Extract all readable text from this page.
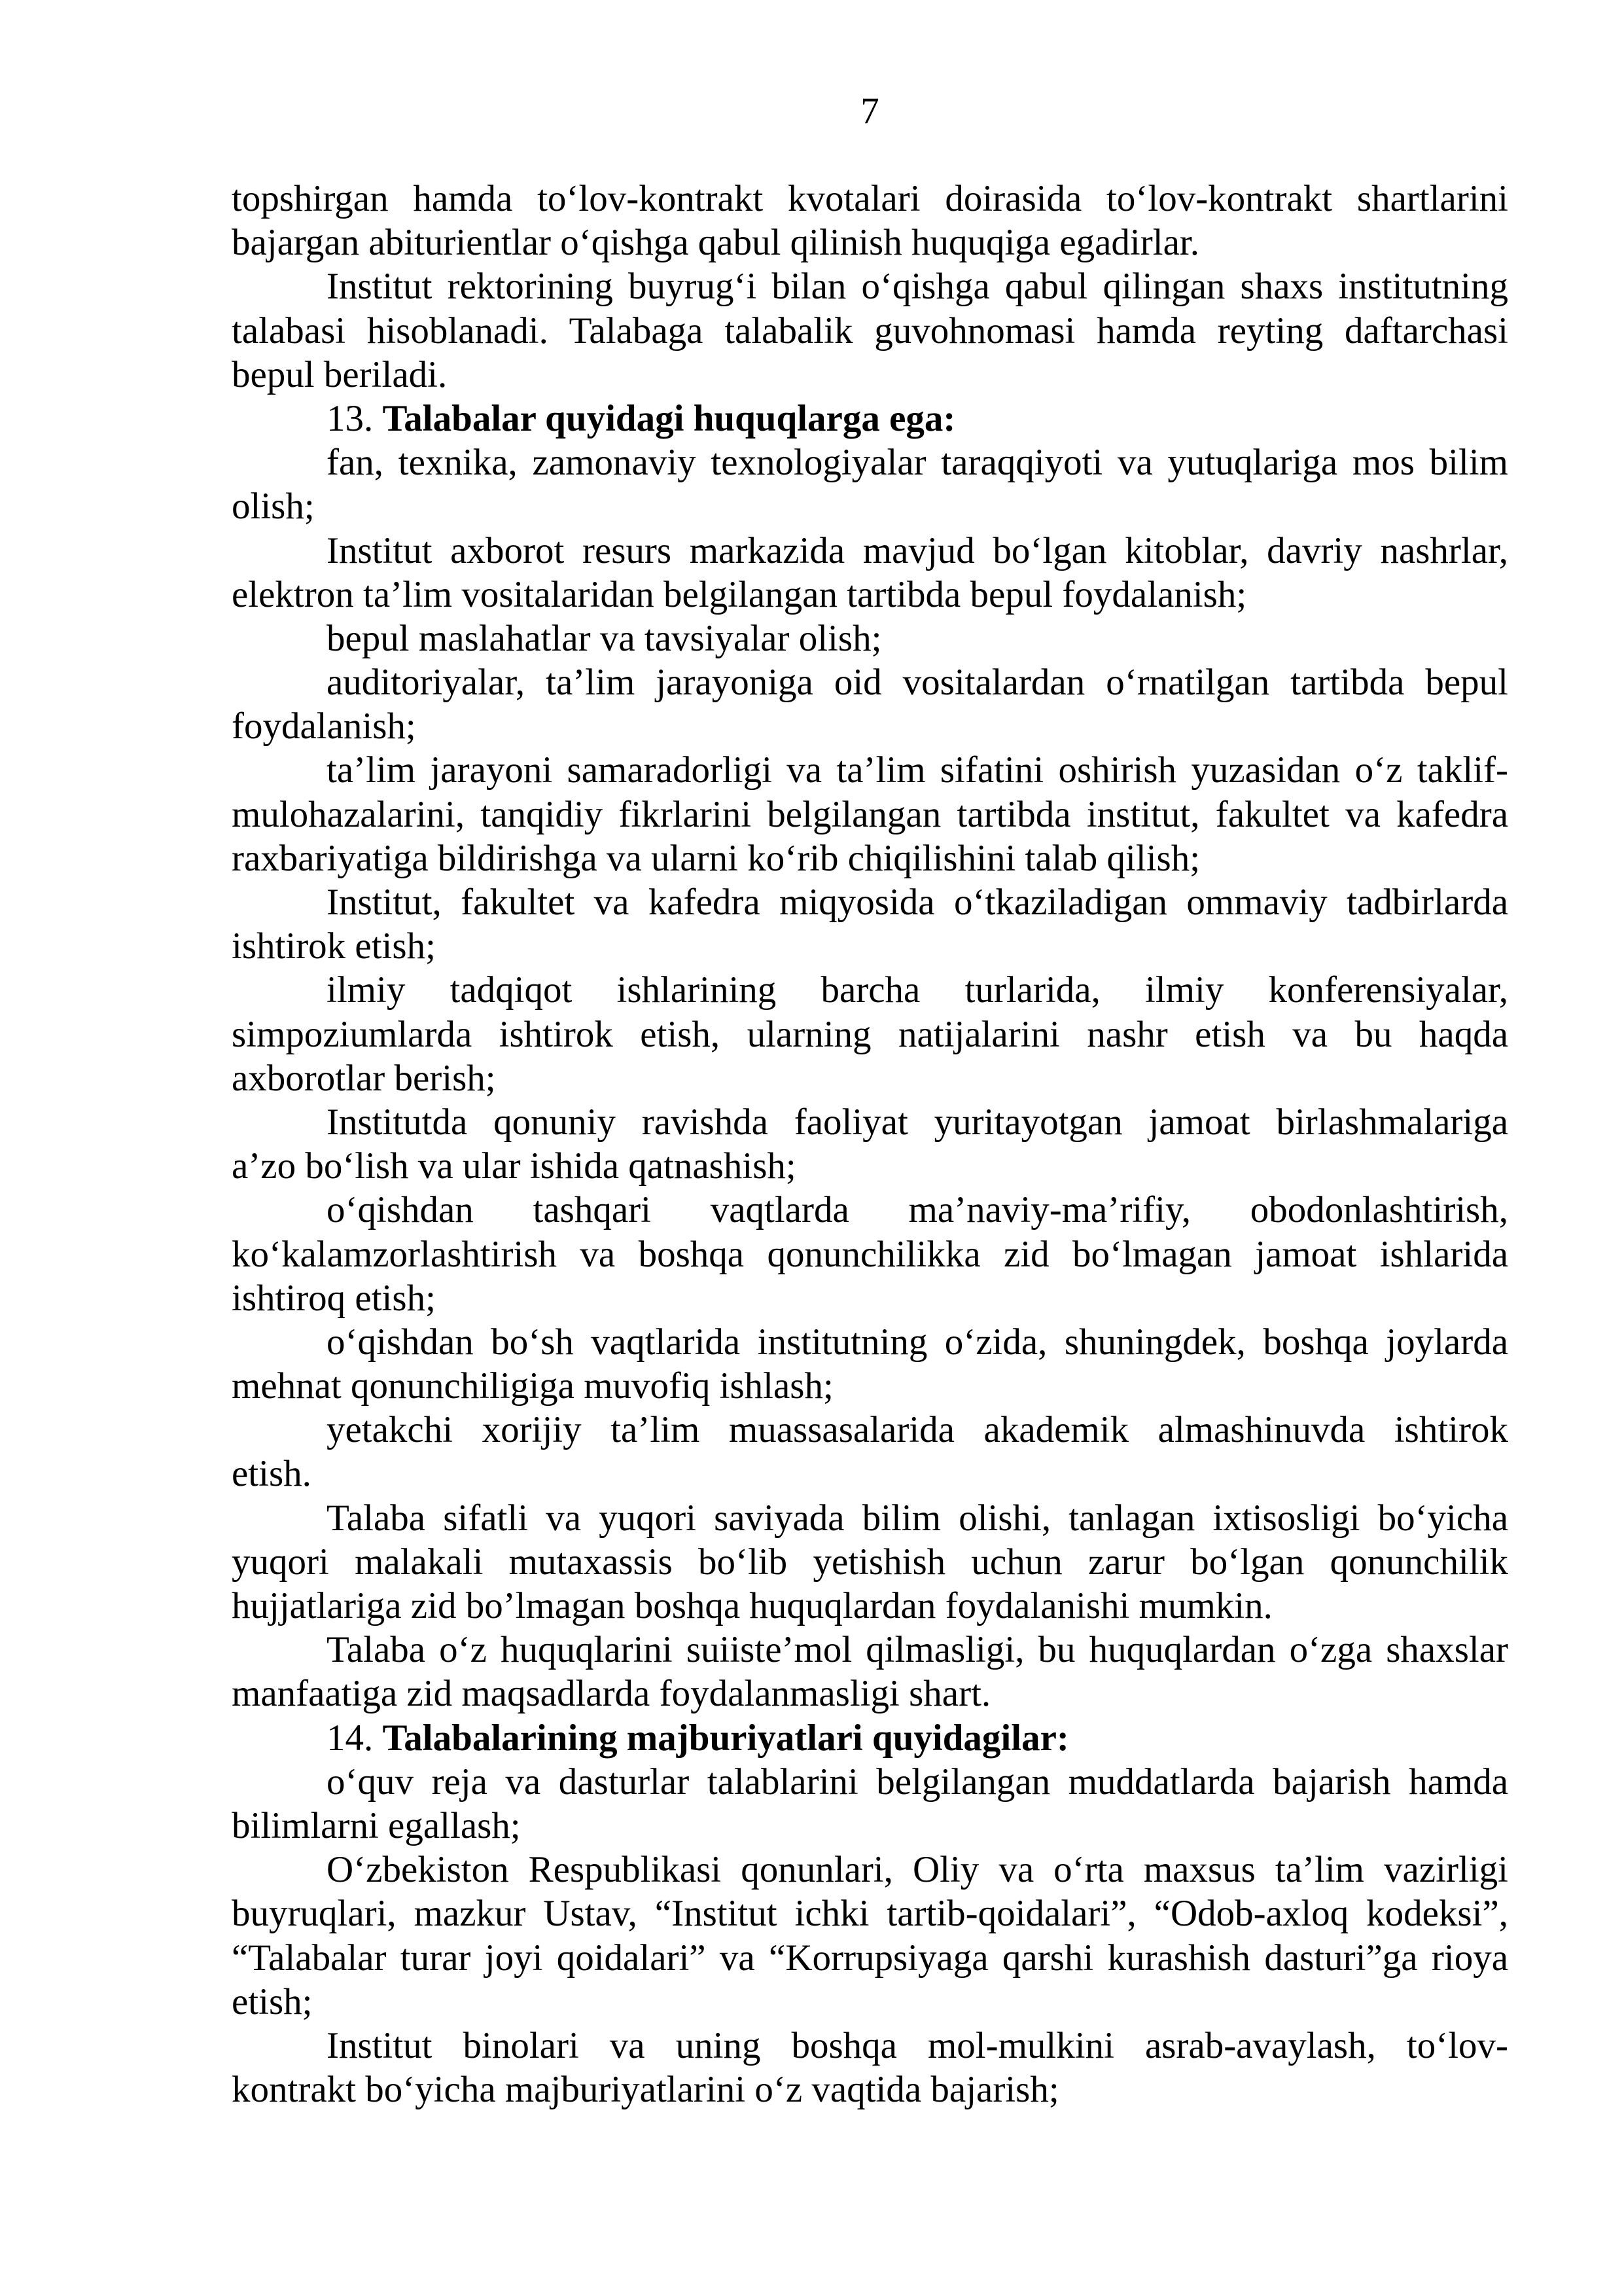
7
topshirgan hamda toʻlov-kontrakt kvotalari doirasida toʻlov-kontrakt shartlarini
bajargan abiturientlar oʻqishga qabul qilinish huquqiga egadirlar.
Institut rektorining buyrugʻi bilan oʻqishga qabul qilingan shaxs institutning
talabasi hisoblanadi. Talabaga talabalik guvohnomasi hamda reyting daftarchasi
bepul beriladi.
13. Talabalar quyidagi huquqlarga ega:
fan, texnika, zamonaviy texnologiyalar taraqqiyoti va yutuqlariga mos bilim
olish;
Institut axborot resurs markazida mavjud boʻlgan kitoblar, davriy nashrlar,
elektron taʼlim vositalaridan belgilangan tartibda bepul foydalanish;
bepul maslahatlar va tavsiyalar olish;
auditoriyalar, taʼlim jarayoniga oid vositalardan oʻrnatilgan tartibda bepul
foydalanish;
taʼlim jarayoni samaradorligi va taʼlim sifatini oshirish yuzasidan oʻz taklif-
mulohazalarini, tanqidiy fikrlarini belgilangan tartibda institut, fakultet va kafedra
raxbariyatiga bildirishga va ularni koʻrib chiqilishini talab qilish;
Institut, fakultet va kafedra miqyosida oʻtkaziladigan ommaviy tadbirlarda
ishtirok etish;
ilmiy tadqiqot ishlarining barcha turlarida, ilmiy konferensiyalar,
simpoziumlarda ishtirok etish, ularning natijalarini nashr etish va bu haqda
axborotlar berish;
Institutda qonuniy ravishda faoliyat yuritayotgan jamoat birlashmalariga
aʼzo boʻlish va ular ishida qatnashish;
oʻqishdan tashqari vaqtlarda maʼnaviy-maʼrifiy, obodonlashtirish,
koʻkalamzorlashtirish va boshqa qonunchilikka zid boʻlmagan jamoat ishlarida
ishtiroq etish;
oʻqishdan boʻsh vaqtlarida institutning oʻzida, shuningdek, boshqa joylarda
mehnat qonunchiligiga muvofiq ishlash;
yetakchi xorijiy taʼlim muassasalarida akademik almashinuvda ishtirok
etish.
Talaba sifatli va yuqori saviyada bilim olishi, tanlagan ixtisosligi boʻyicha
yuqori malakali mutaxassis boʻlib yetishish uchun zarur boʻlgan qonunchilik
hujjatlariga zid boʼlmagan boshqa huquqlardan foydalanishi mumkin.
Talaba oʻz huquqlarini suiisteʼmol qilmasligi, bu huquqlardan oʻzga shaxslar
manfaatiga zid maqsadlarda foydalanmasligi shart.
14. Talabalarining majburiyatlari quyidagilar:
oʻquv reja va dasturlar talablarini belgilangan muddatlarda bajarish hamda
bilimlarni egallash;
Oʻzbekiston Respublikasi qonunlari, Oliy va oʻrta maxsus taʼlim vazirligi
buyruqlari, mazkur Ustav, “Institut ichki tartib-qoidalari”, “Odob-axloq kodeksi”,
“Talabalar turar joyi qoidalari” va “Korrupsiyaga qarshi kurashish dasturi”ga rioya
etish;
Institut binolari va uning boshqa mol-mulkini asrab-avaylash, toʻlov-
kontrakt boʻyicha majburiyatlarini oʻz vaqtida bajarish;
